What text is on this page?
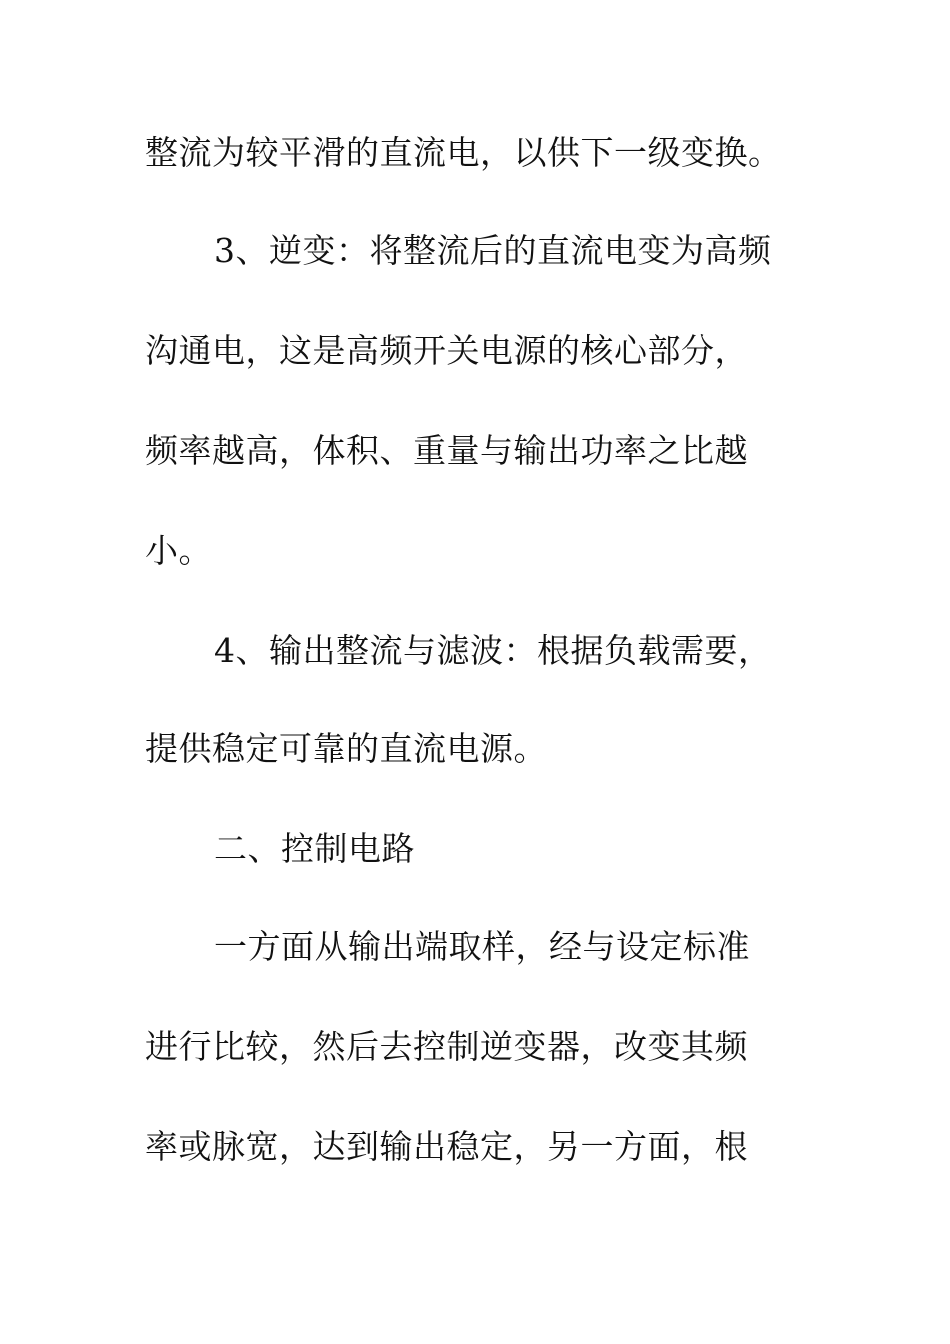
整流为较平滑的直流电，以供下一级变换。
3、逆变：将整流后的直流电变为高频
沟通电，这是高频开关电源的核心部分，
频率越高，体积、重量与输出功率之比越
小。
4、输出整流与滤波：根据负载需要，
提供稳定可靠的直流电源。
二、控制电路
一方面从输出端取样，经与设定标准
进行比较，然后去控制逆变器，改变其频
率或脉宽，达到输出稳定，另一方面，根
